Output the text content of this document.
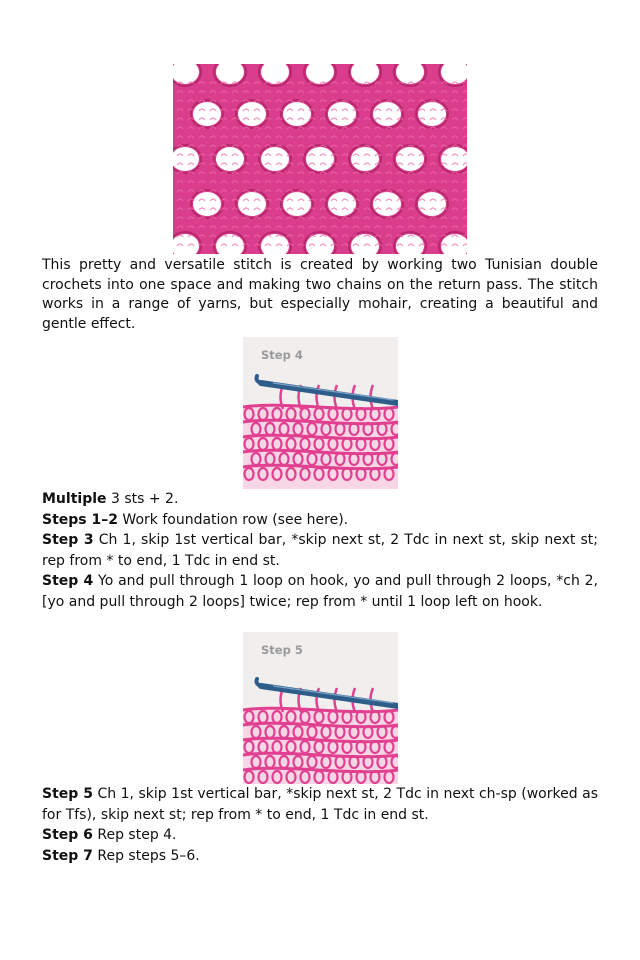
This pretty and versatile stitch is created by working two Tunisian double crochets into one space and making two chains on the return pass. The stitch works in a range of yarns, but especially mohair, creating a beautiful and gentle effect.

Step 4

Multiple 3 sts + 2.

Steps 1–2 Work foundation row (see here).

Step 3 Ch 1, skip 1st vertical bar, *skip next st, 2 Tdc in next st, skip next st; rep from * to end, 1 Tdc in end st.

Step 4 Yo and pull through 1 loop on hook, yo and pull through 2 loops, *ch 2, [yo and pull through 2 loops] twice; rep from * until 1 loop left on hook.

Step 5

Step 5 Ch 1, skip 1st vertical bar, *skip next st, 2 Tdc in next ch-sp (worked as for Tfs), skip next st; rep from * to end, 1 Tdc in end st.

Step 6 Rep step 4.

Step 7 Rep steps 5–6.
